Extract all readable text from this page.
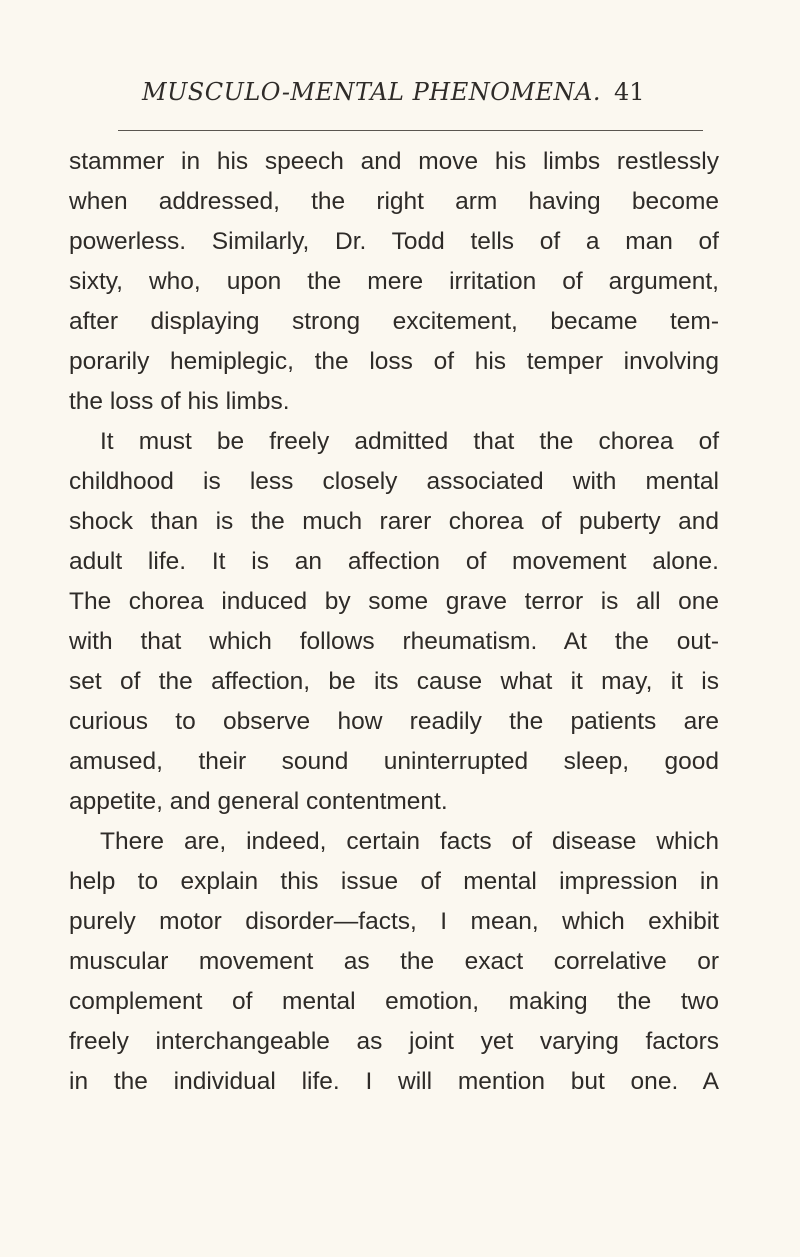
MUSCULO-MENTAL PHENOMENA. 41
stammer in his speech and move his limbs restlessly
when addressed, the right arm having become
powerless. Similarly, Dr. Todd tells of a man of
sixty, who, upon the mere irritation of argument,
after displaying strong excitement, became tem-
porarily hemiplegic, the loss of his temper involving
the loss of his limbs.
It must be freely admitted that the chorea of
childhood is less closely associated with mental
shock than is the much rarer chorea of puberty and
adult life. It is an affection of movement alone.
The chorea induced by some grave terror is all one
with that which follows rheumatism. At the out-
set of the affection, be its cause what it may, it is
curious to observe how readily the patients are
amused, their sound uninterrupted sleep, good
appetite, and general contentment.
There are, indeed, certain facts of disease which
help to explain this issue of mental impression in
purely motor disorder—facts, I mean, which exhibit
muscular movement as the exact correlative or
complement of mental emotion, making the two
freely interchangeable as joint yet varying factors
in the individual life. I will mention but one. A
